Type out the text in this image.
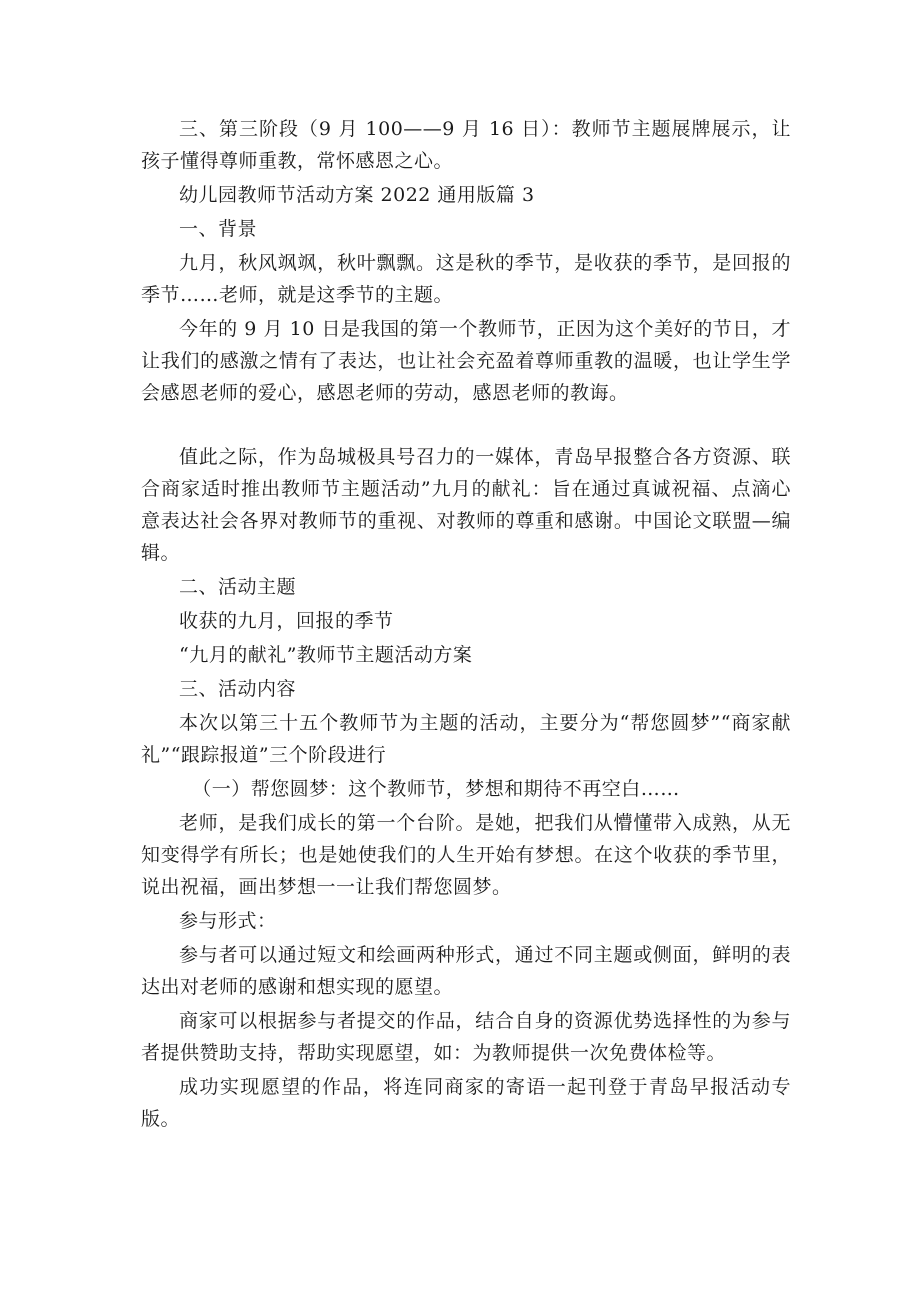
三、第三阶段（9 月 100——9 月 16 日）：教师节主题展牌展示，让孩子懂得尊师重教，常怀感恩之心。

幼儿园教师节活动方案 2022 通用版篇 3

一、背景

九月，秋风飒飒，秋叶飘飘。这是秋的季节，是收获的季节，是回报的季节……老师，就是这季节的主题。

今年的 9 月 10 日是我国的第一个教师节，正因为这个美好的节日，才让我们的感激之情有了表达，也让社会充盈着尊师重教的温暖，也让学生学会感恩老师的爱心，感恩老师的劳动，感恩老师的教诲。

值此之际，作为岛城极具号召力的一媒体，青岛早报整合各方资源、联合商家适时推出教师节主题活动”九月的献礼：旨在通过真诚祝福、点滴心意表达社会各界对教师节的重视、对教师的尊重和感谢。中国论文联盟—编辑。

二、活动主题

收获的九月，回报的季节

“九月的献礼”教师节主题活动方案

三、活动内容

本次以第三十五个教师节为主题的活动，主要分为“帮您圆梦”“商家献礼”“跟踪报道”三个阶段进行

（一）帮您圆梦：这个教师节，梦想和期待不再空白……

老师，是我们成长的第一个台阶。是她，把我们从懵懂带入成熟，从无知变得学有所长；也是她使我们的人生开始有梦想。在这个收获的季节里，说出祝福，画出梦想一一让我们帮您圆梦。

参与形式：

参与者可以通过短文和绘画两种形式，通过不同主题或侧面，鲜明的表达出对老师的感谢和想实现的愿望。

商家可以根据参与者提交的作品，结合自身的资源优势选择性的为参与者提供赞助支持，帮助实现愿望，如：为教师提供一次免费体检等。

成功实现愿望的作品，将连同商家的寄语一起刊登于青岛早报活动专版。
